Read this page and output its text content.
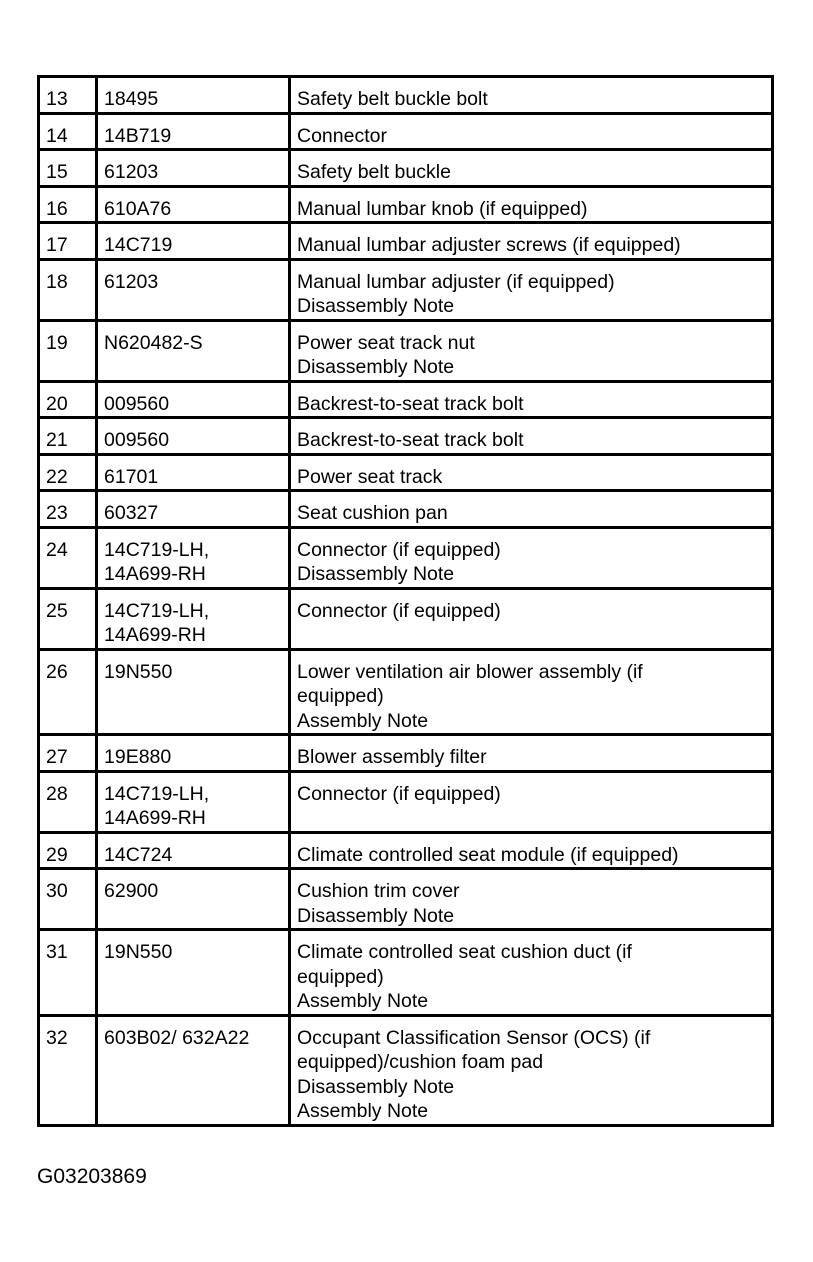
13	18495	Safety belt buckle bolt

14	14B719	Connector

15	61203	Safety belt buckle

16	610A76	Manual lumbar knob (if equipped)

17	14C719	Manual lumbar adjuster screws (if equipped)

18	61203	Manual lumbar adjuster (if equipped)
Disassembly Note

19	N620482-S	Power seat track nut
Disassembly Note

20	009560	Backrest-to-seat track bolt

21	009560	Backrest-to-seat track bolt

22	61701	Power seat track

23	60327	Seat cushion pan

24	14C719-LH,
14A699-RH	Connector (if equipped)
Disassembly Note

25	14C719-LH,
14A699-RH	Connector (if equipped)

26	19N550	Lower ventilation air blower assembly (if
equipped)
Assembly Note

27	19E880	Blower assembly filter

28	14C719-LH,
14A699-RH	Connector (if equipped)

29	14C724	Climate controlled seat module (if equipped)

30	62900	Cushion trim cover
Disassembly Note

31	19N550	Climate controlled seat cushion duct (if
equipped)
Assembly Note

32	603B02/ 632A22	Occupant Classification Sensor (OCS) (if
equipped)/cushion foam pad
Disassembly Note
Assembly Note
G03203869
